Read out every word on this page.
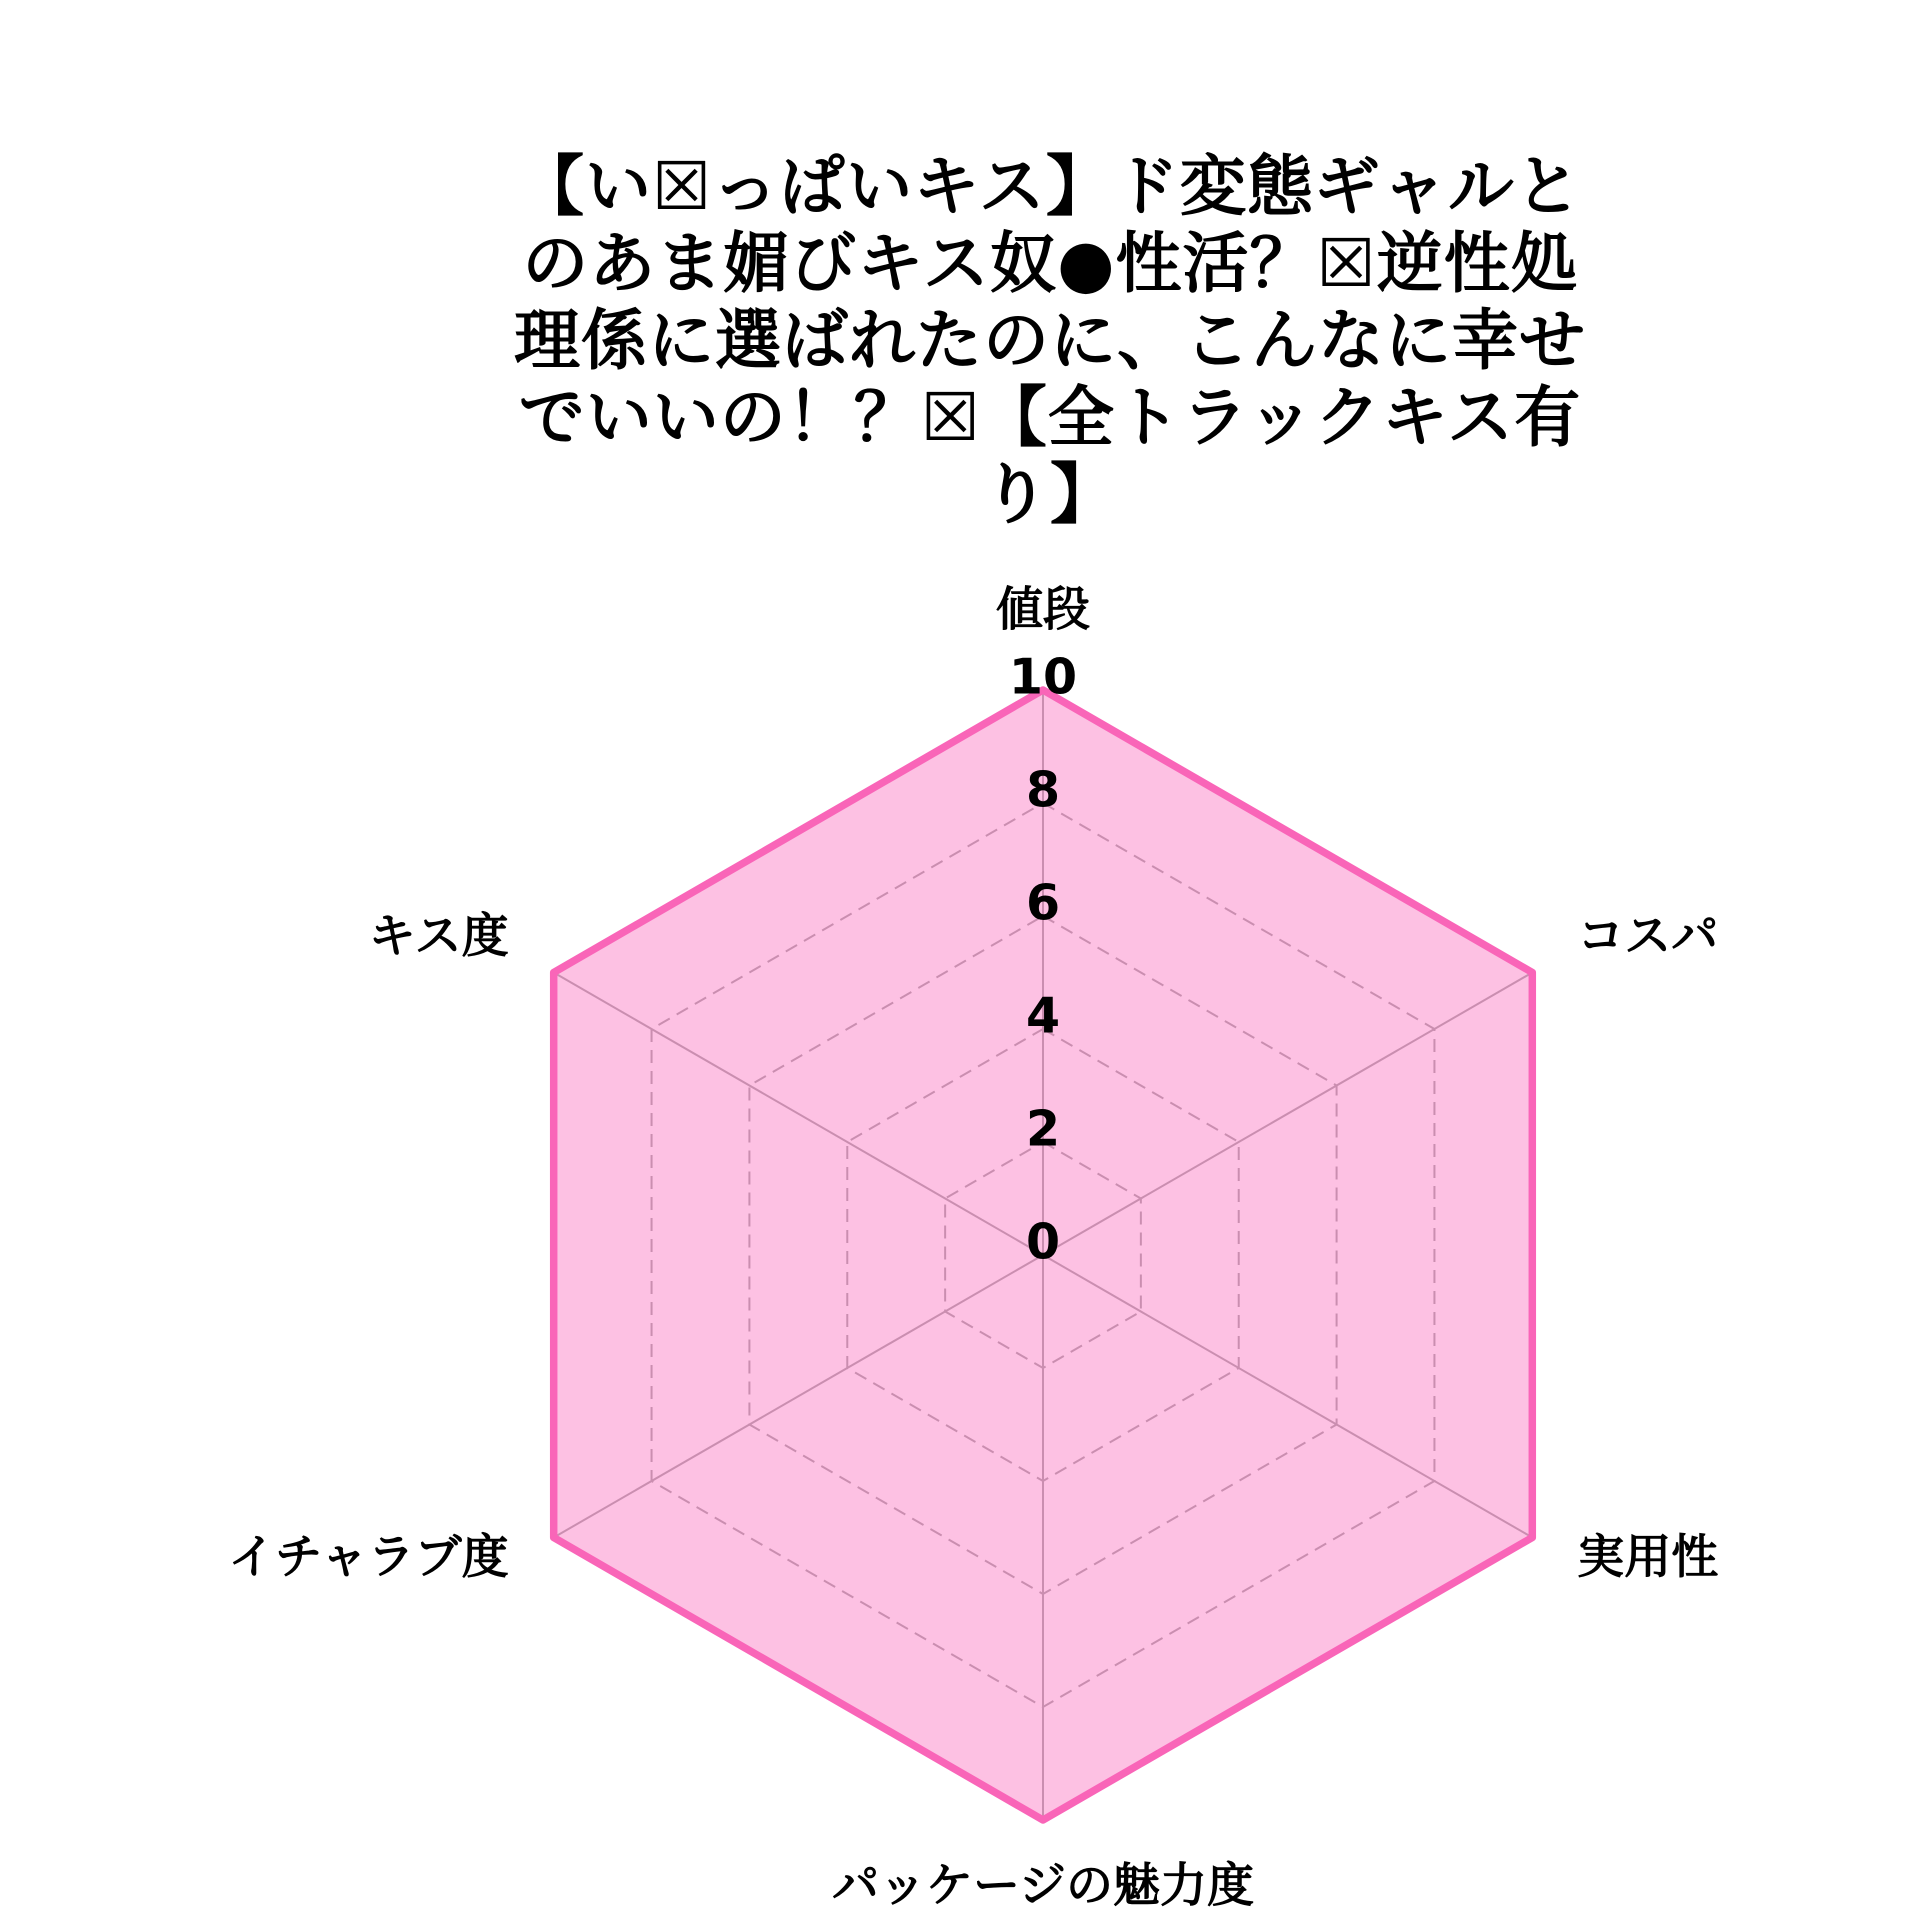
【い☒っぱいキス】ド変態ギャルと
のあま媚びキス奴●性活？☒逆性処
理係に選ばれたのに、こんなに幸せ
でいいの！？☒【全トラックキス有
り】
0
2
4
6
8
10
値段
コスパ
実用性
パッケージの魅力度
イチャラブ度
キス度
